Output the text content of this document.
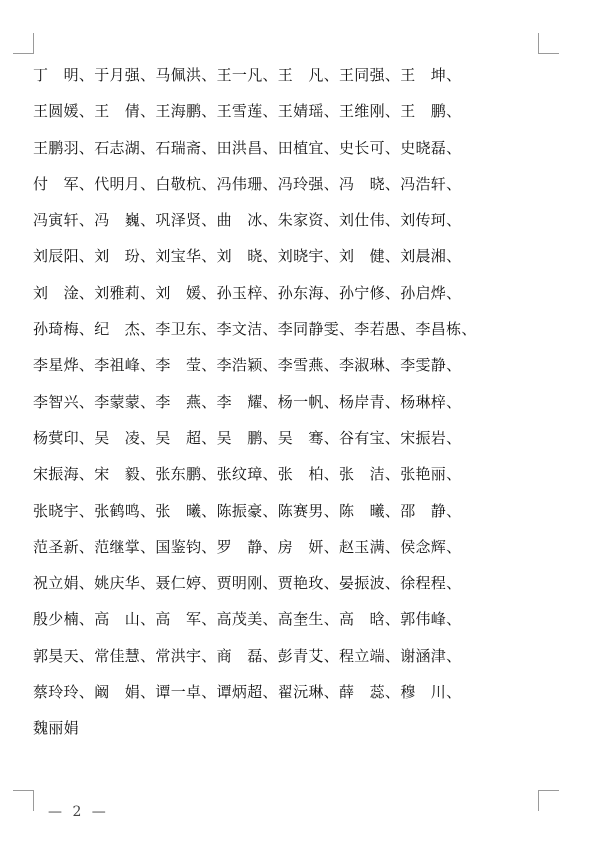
丁　明、于月强、马佩洪、王一凡、王　凡、王同强、王　坤、
王圆媛、王　倩、王海鹏、王雪莲、王婧瑶、王维刚、王　鹏、
王鹏羽、石志湖、石瑞斋、田洪昌、田植宜、史长可、史晓磊、
付　军、代明月、白敬杭、冯伟珊、冯玲强、冯　晓、冯浩轩、
冯寅轩、冯　巍、巩泽贤、曲　冰、朱家资、刘仕伟、刘传珂、
刘辰阳、刘　玢、刘宝华、刘　晓、刘晓宇、刘　健、刘晨湘、
刘　淦、刘雅莉、刘　媛、孙玉梓、孙东海、孙宁修、孙启烨、
孙琦梅、纪　杰、李卫东、李文洁、李同静雯、李若愚、李昌栋、
李星烨、李祖峰、李　莹、李浩颖、李雪燕、李淑琳、李雯静、
李智兴、李蒙蒙、李　燕、李　耀、杨一帆、杨岸青、杨琳梓、
杨蓂印、吴　凌、吴　超、吴　鹏、吴　骞、谷有宝、宋振岩、
宋振海、宋　毅、张东鹏、张纹璋、张　柏、张　洁、张艳丽、
张晓宇、张鹤鸣、张　曦、陈振豪、陈赛男、陈　曦、邵　静、
范圣新、范继掌、国鉴钧、罗　静、房　妍、赵玉满、侯念辉、
祝立娟、姚庆华、聂仁婷、贾明刚、贾艳玫、晏振波、徐程程、
殷少楠、高　山、高　军、高茂美、高奎生、高　晗、郭伟峰、
郭昊天、常佳慧、常洪宇、商　磊、彭青艾、程立端、谢涵津、
蔡玲玲、阚　娟、谭一卓、谭炳超、翟沅琳、薛　蕊、穆　川、
魏丽娟
— 2 —
